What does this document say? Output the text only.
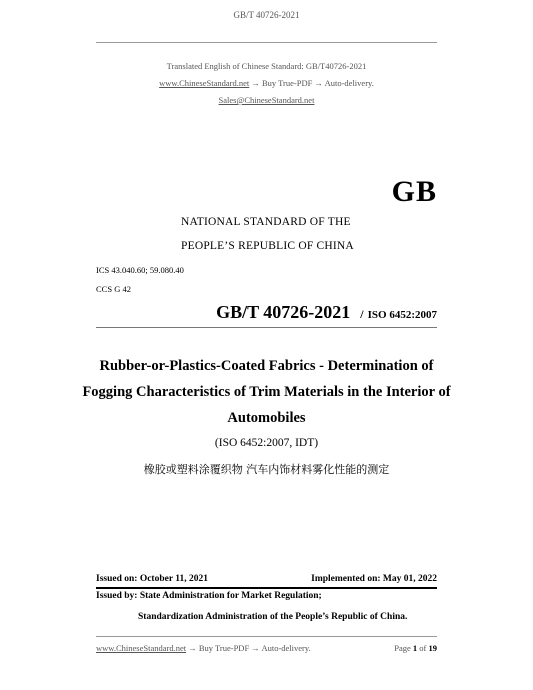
GB/T 40726-2021
Translated English of Chinese Standard: GB/T40726-2021
www.ChineseStandard.net → Buy True-PDF → Auto-delivery.
Sales@ChineseStandard.net
GB
NATIONAL STANDARD OF THE
PEOPLE’S REPUBLIC OF CHINA
ICS 43.040.60; 59.080.40
CCS G 42
GB/T 40726-2021 / ISO 6452:2007
Rubber-or-Plastics-Coated Fabrics - Determination of
Fogging Characteristics of Trim Materials in the Interior of
Automobiles
(ISO 6452:2007, IDT)
橡胶或塑料涂覆织物 汽车内饰材料雾化性能的测定
Issued on: October 11, 2021	Implemented on: May 01, 2022
Issued by: State Administration for Market Regulation;
Standardization Administration of the People’s Republic of China.
www.ChineseStandard.net → Buy True-PDF → Auto-delivery.	Page 1 of 19
